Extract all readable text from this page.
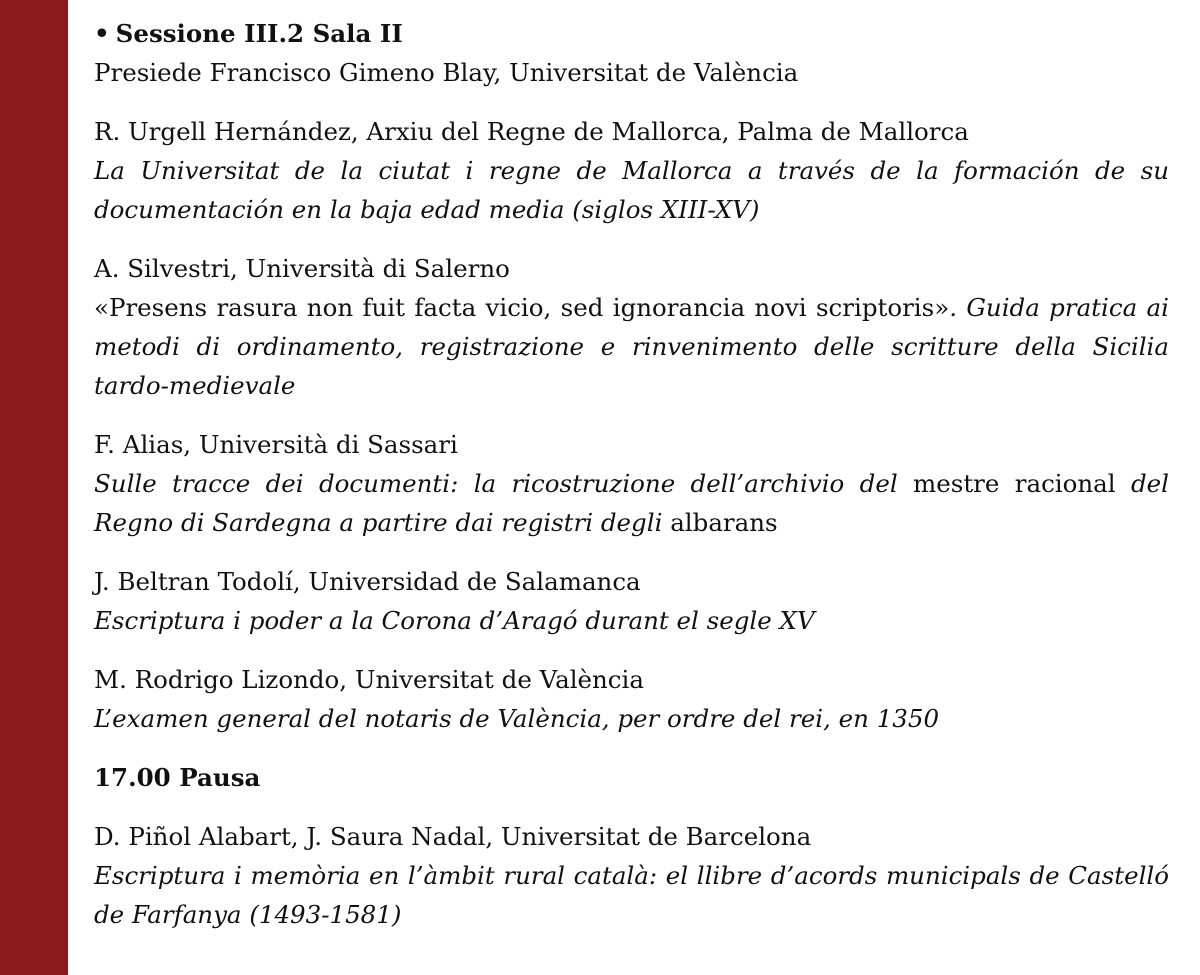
• Sessione III.2 Sala II

Presiede Francisco Gimeno Blay, Universitat de València

R. Urgell Hernández, Arxiu del Regne de Mallorca, Palma de Mallorca

La Universitat de la ciutat i regne de Mallorca a través de la formación de su documentación en la baja edad media (siglos XIII-XV)

A. Silvestri, Università di Salerno

«Presens rasura non fuit facta vicio, sed ignorancia novi scriptoris». Guida pratica ai metodi di ordinamento, registrazione e rinvenimento delle scritture della Sicilia tardo-medievale

F. Alias, Università di Sassari

Sulle tracce dei documenti: la ricostruzione dell’archivio del mestre racional del Regno di Sardegna a partire dai registri degli albarans

J. Beltran Todolí, Universidad de Salamanca

Escriptura i poder a la Corona d’Aragó durant el segle XV

M. Rodrigo Lizondo, Universitat de València

L’examen general del notaris de València, per ordre del rei, en 1350

17.00 Pausa

D. Piñol Alabart, J. Saura Nadal, Universitat de Barcelona

Escriptura i memòria en l’àmbit rural català: el llibre d’acords municipals de Castelló de Farfanya (1493-1581)
